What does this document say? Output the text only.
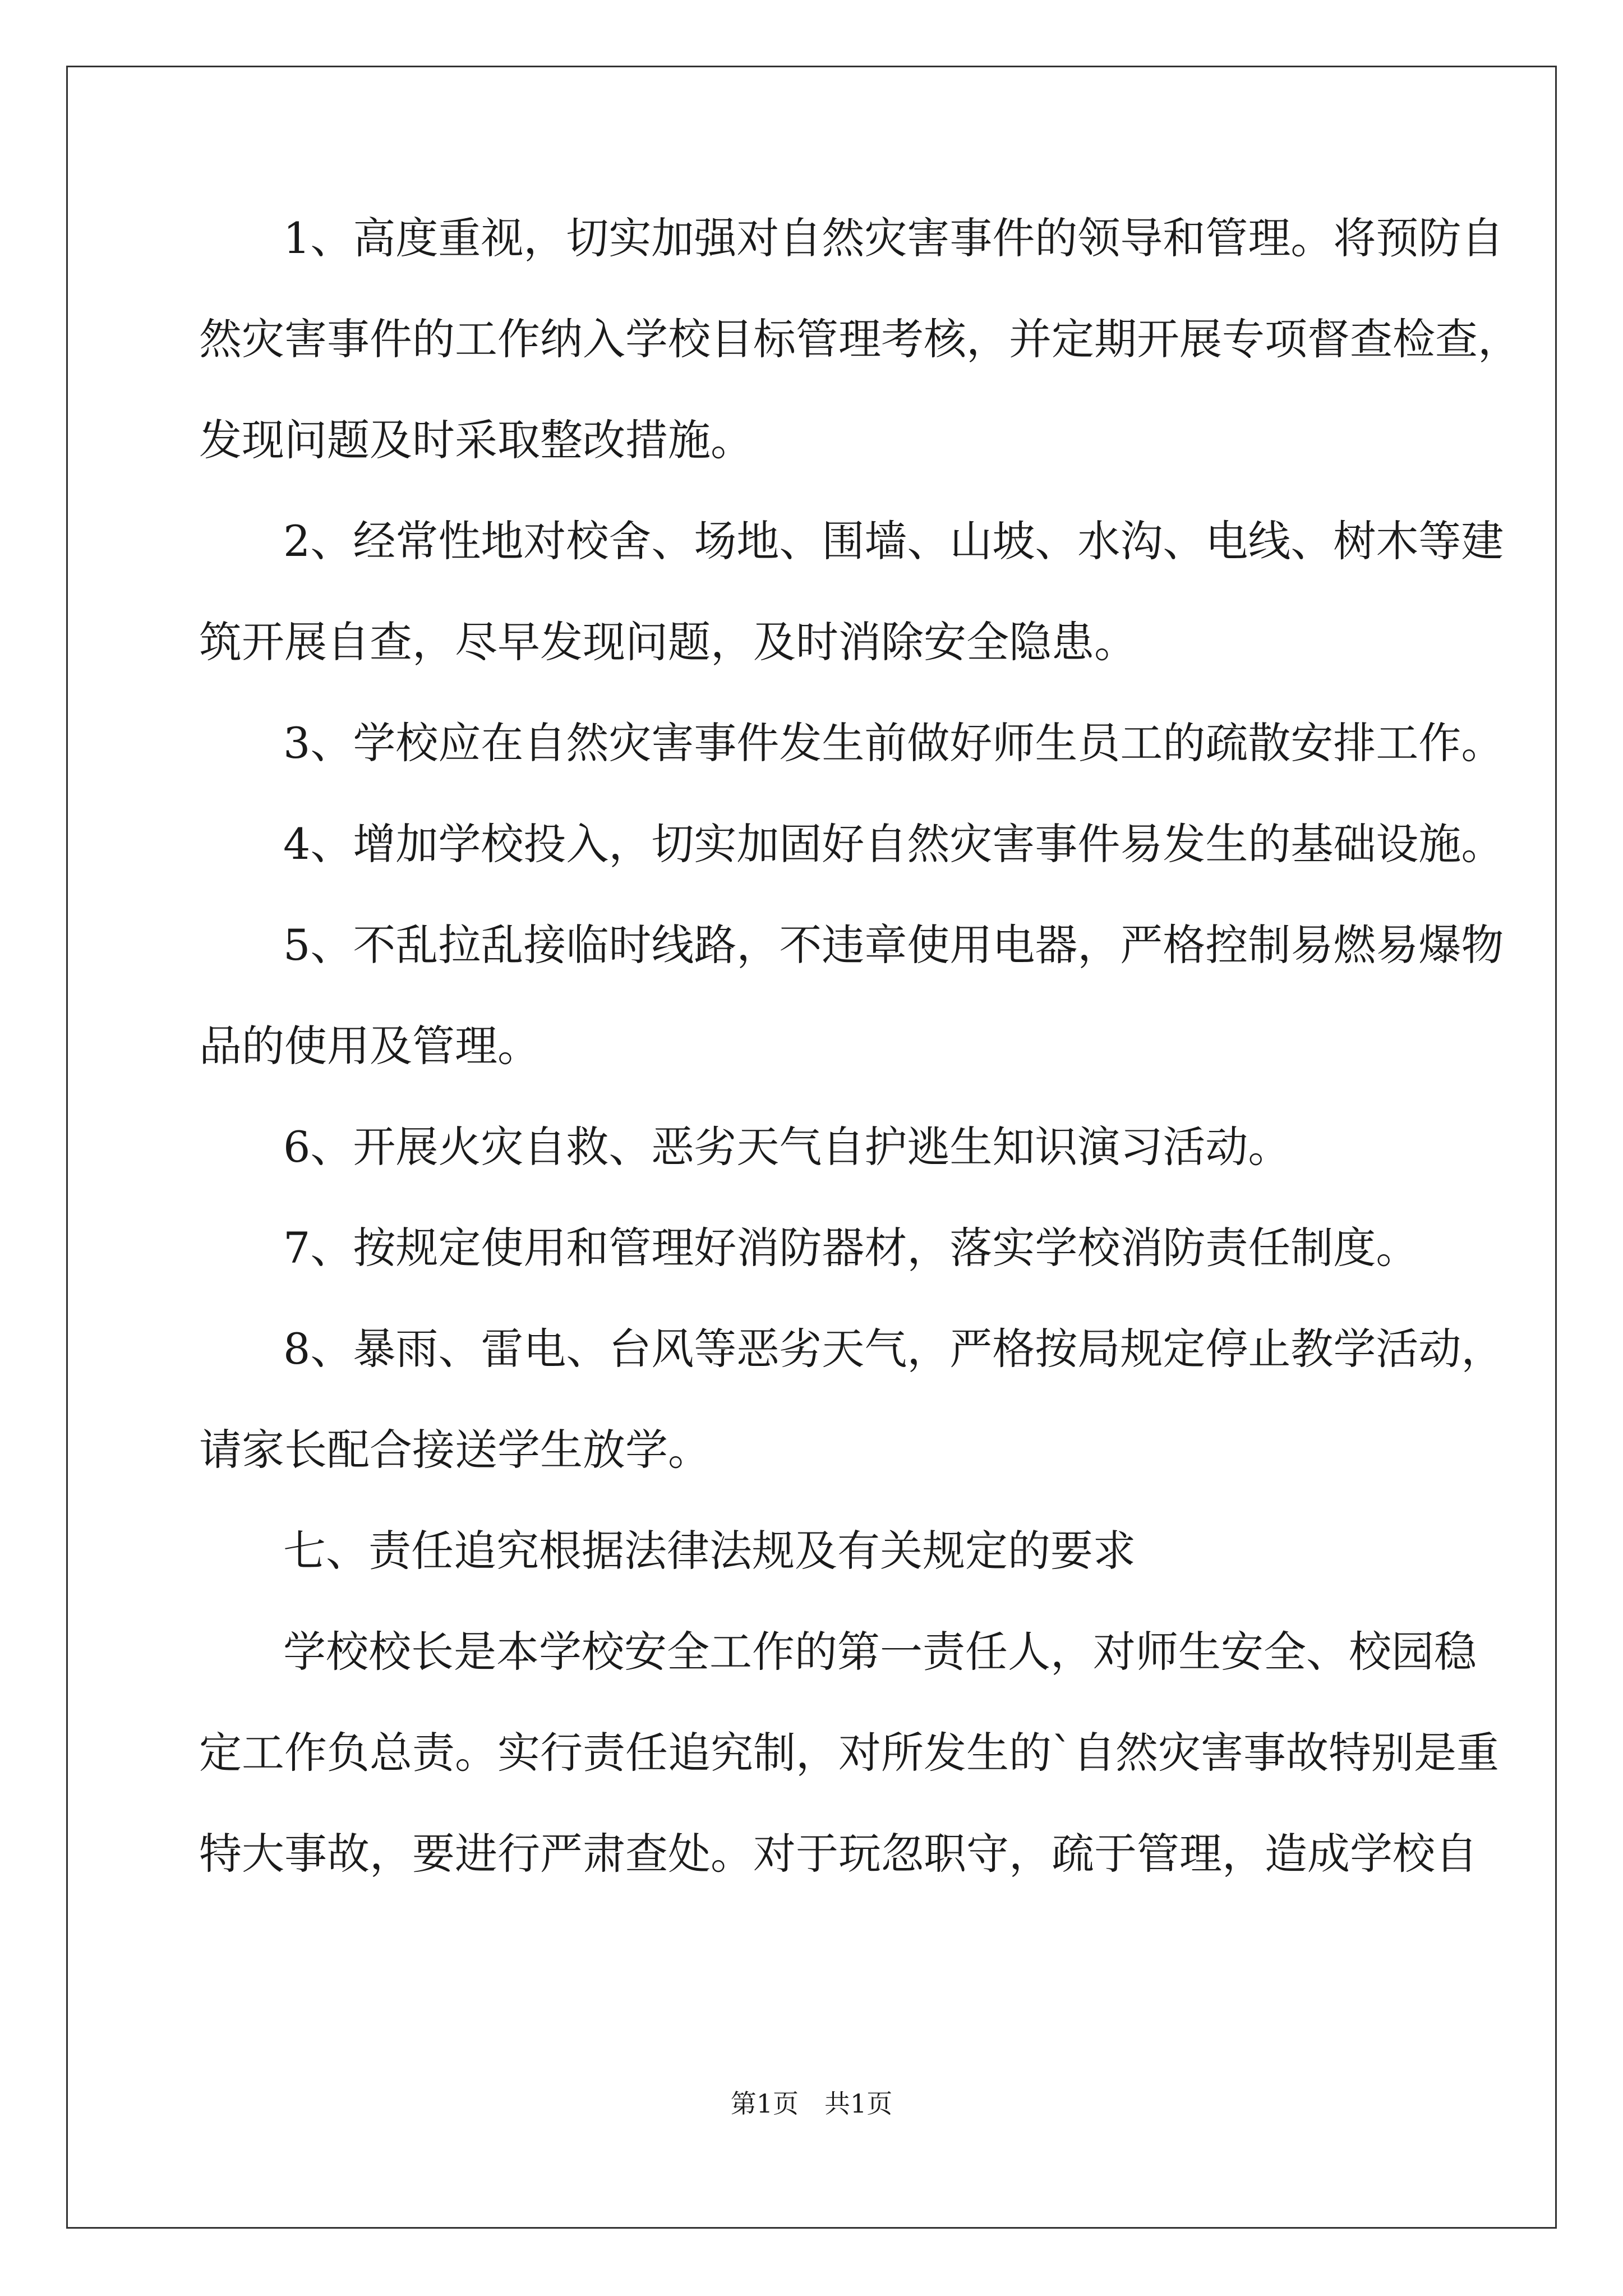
1、高度重视，切实加强对自然灾害事件的领导和管理。将预防自
然灾害事件的工作纳入学校目标管理考核，并定期开展专项督查检查，
发现问题及时采取整改措施。
2、经常性地对校舍、场地、围墙、山坡、水沟、电线、树木等建
筑开展自查，尽早发现问题，及时消除安全隐患。
3、学校应在自然灾害事件发生前做好师生员工的疏散安排工作。
4、增加学校投入，切实加固好自然灾害事件易发生的基础设施。
5、不乱拉乱接临时线路，不违章使用电器，严格控制易燃易爆物
品的使用及管理。
6、开展火灾自救、恶劣天气自护逃生知识演习活动。
7、按规定使用和管理好消防器材，落实学校消防责任制度。
8、暴雨、雷电、台风等恶劣天气，严格按局规定停止教学活动，
请家长配合接送学生放学。
七、责任追究根据法律法规及有关规定的要求
学校校长是本学校安全工作的第一责任人，对师生安全、校园稳
定工作负总责。实行责任追究制，对所发生的`自然灾害事故特别是重
特大事故，要进行严肃查处。对于玩忽职守，疏于管理，造成学校自
第1页　共1页
